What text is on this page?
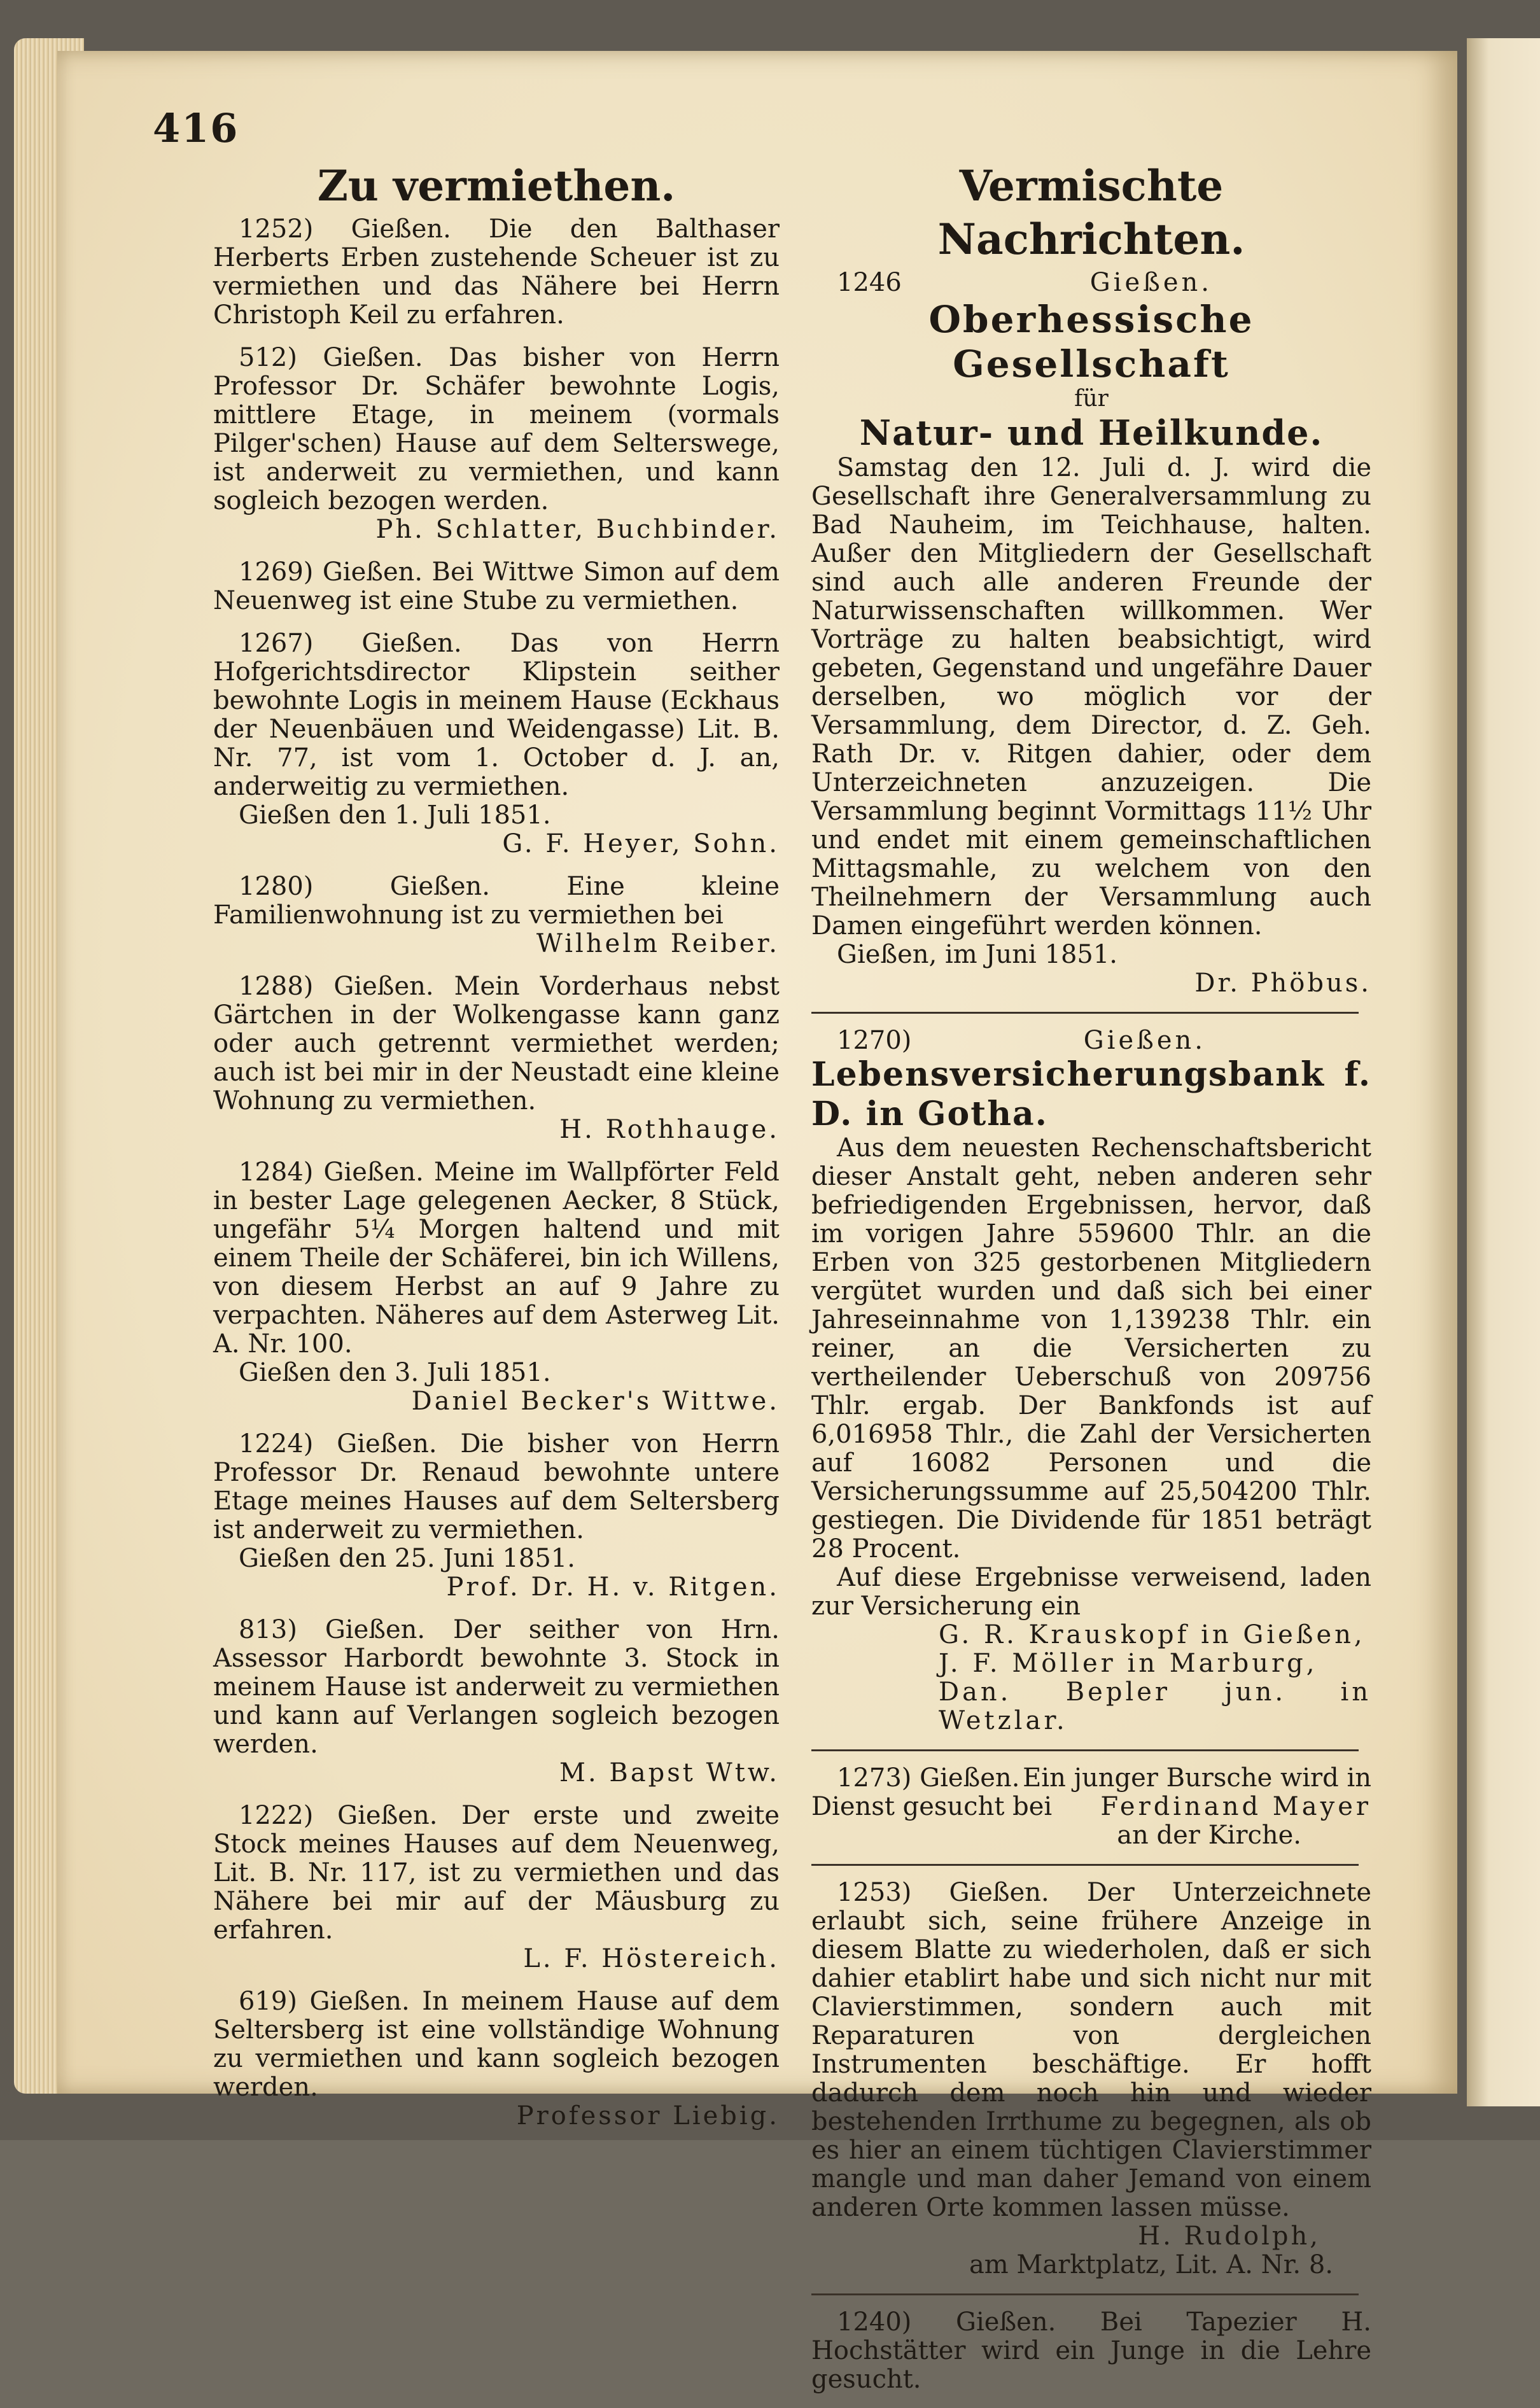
416
Zu vermiethen.

1252) Gießen. Die den Balthaser Herberts Erben zustehende Scheuer ist zu vermiethen und das Nähere bei Herrn Christoph Keil zu erfahren.

512) Gießen. Das bisher von Herrn Professor Dr. Schäfer bewohnte Logis, mittlere Etage, in meinem (vormals Pilger'schen) Hause auf dem Selterswege, ist anderweit zu vermiethen, und kann sogleich bezogen werden.

Ph. Schlatter, Buchbinder.

1269) Gießen. Bei Wittwe Simon auf dem Neuenweg ist eine Stube zu vermiethen.

1267) Gießen. Das von Herrn Hofgerichtsdirector Klipstein seither bewohnte Logis in meinem Hause (Eckhaus der Neuenbäuen und Weidengasse) Lit. B. Nr. 77, ist vom 1. October d. J. an, anderweitig zu vermiethen.

Gießen den 1. Juli 1851.

G. F. Heyer, Sohn.

1280) Gießen. Eine kleine Familienwohnung ist zu vermiethen bei

Wilhelm Reiber.

1288) Gießen. Mein Vorderhaus nebst Gärtchen in der Wolkengasse kann ganz oder auch getrennt vermiethet werden; auch ist bei mir in der Neustadt eine kleine Wohnung zu vermiethen.

H. Rothhauge.

1284) Gießen. Meine im Wallpförter Feld in bester Lage gelegenen Aecker, 8 Stück, ungefähr 5¼ Morgen haltend und mit einem Theile der Schäferei, bin ich Willens, von diesem Herbst an auf 9 Jahre zu verpachten. Näheres auf dem Asterweg Lit. A. Nr. 100.

Gießen den 3. Juli 1851.

Daniel Becker's Wittwe.

1224) Gießen. Die bisher von Herrn Professor Dr. Renaud bewohnte untere Etage meines Hauses auf dem Seltersberg ist anderweit zu vermiethen.

Gießen den 25. Juni 1851.

Prof. Dr. H. v. Ritgen.

813) Gießen. Der seither von Hrn. Assessor Harbordt bewohnte 3. Stock in meinem Hause ist anderweit zu vermiethen und kann auf Verlangen sogleich bezogen werden.

M. Bapst Wtw.

1222) Gießen. Der erste und zweite Stock meines Hauses auf dem Neuenweg, Lit. B. Nr. 117, ist zu vermiethen und das Nähere bei mir auf der Mäusburg zu erfahren.

L. F. Höstereich.

619) Gießen. In meinem Hause auf dem Seltersberg ist eine vollständige Wohnung zu vermiethen und kann sogleich bezogen werden.

Professor Liebig.
Vermischte Nachrichten.
1246	Gießen.
Oberhessische Gesellschaft
für
Natur- und Heilkunde.

Samstag den 12. Juli d. J. wird die Gesellschaft ihre Generalversammlung zu Bad Nauheim, im Teichhause, halten. Außer den Mitgliedern der Gesellschaft sind auch alle anderen Freunde der Naturwissenschaften willkommen. Wer Vorträge zu halten beabsichtigt, wird gebeten, Gegenstand und ungefähre Dauer derselben, wo möglich vor der Versammlung, dem Director, d. Z. Geh. Rath Dr. v. Ritgen dahier, oder dem Unterzeichneten anzuzeigen. Die Versammlung beginnt Vormittags 11½ Uhr und endet mit einem gemeinschaftlichen Mittagsmahle, zu welchem von den Theilnehmern der Versammlung auch Damen eingeführt werden können.

Gießen, im Juni 1851.

Dr. Phöbus.
1270)	Gießen.
Lebensversicherungsbank f. D. in Gotha.

Aus dem neuesten Rechenschaftsbericht dieser Anstalt geht, neben anderen sehr befriedigenden Ergebnissen, hervor, daß im vorigen Jahre 559600 Thlr. an die Erben von 325 gestorbenen Mitgliedern vergütet wurden und daß sich bei einer Jahreseinnahme von 1,139238 Thlr. ein reiner, an die Versicherten zu vertheilender Ueberschuß von 209756 Thlr. ergab. Der Bankfonds ist auf 6,016958 Thlr., die Zahl der Versicherten auf 16082 Personen und die Versicherungssumme auf 25,504200 Thlr. gestiegen. Die Dividende für 1851 beträgt 28 Procent.

Auf diese Ergebnisse verweisend, laden zur Versicherung ein

G. R. Krauskopf in Gießen,
J. F. Möller in Marburg,
Dan. Bepler jun. in Wetzlar.
1273) Gießen. Ein junger Bursche wird in
Dienst gesucht bei Ferdinand Mayer
an der Kirche.

1253) Gießen. Der Unterzeichnete erlaubt sich, seine frühere Anzeige in diesem Blatte zu wiederholen, daß er sich dahier etablirt habe und sich nicht nur mit Clavierstimmen, sondern auch mit Reparaturen von dergleichen Instrumenten beschäftige. Er hofft dadurch dem noch hin und wieder bestehenden Irrthume zu begegnen, als ob es hier an einem tüchtigen Clavierstimmer mangle und man daher Jemand von einem anderen Orte kommen lassen müsse.

H. Rudolph,
am Marktplatz, Lit. A. Nr. 8.

1240) Gießen. Bei Tapezier H. Hochstätter wird ein Junge in die Lehre gesucht.
